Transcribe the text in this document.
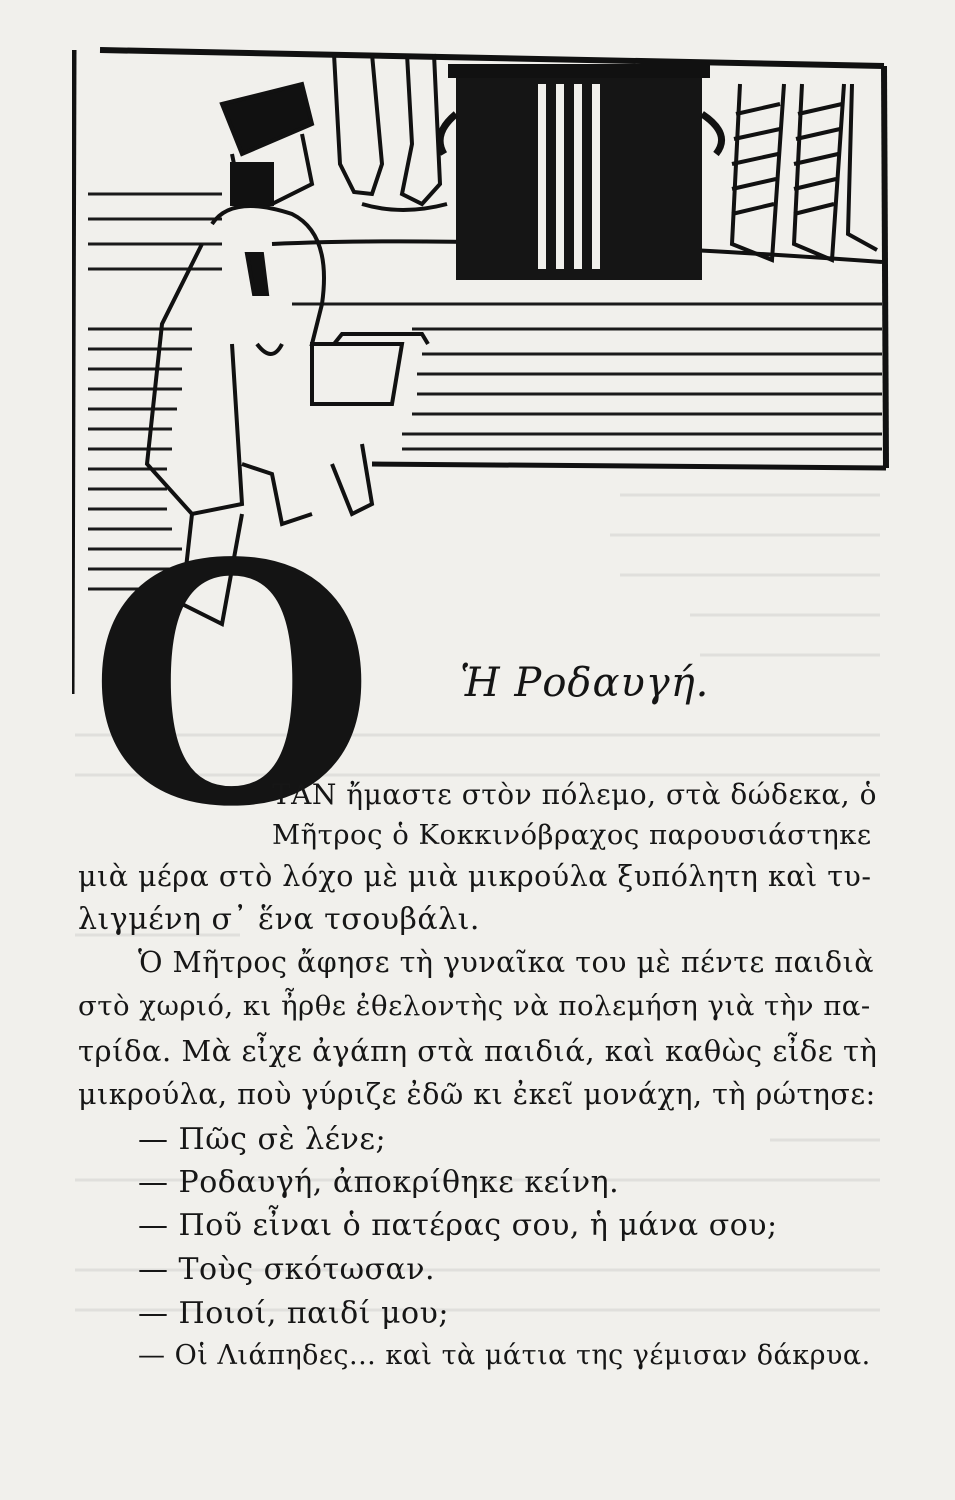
O Ἡ Ροδαυγή.
ΤΑΝ ἤμαστε στὸν πόλεμο, στὰ δώδεκα, ὁ
Μῆτρος ὁ Κοκκινόβραχος παρουσιάστηκε
μιὰ μέρα στὸ λόχο μὲ μιὰ μικρούλα ξυπόλητη καὶ τυ-
λιγμένη σ᾿ ἕνα τσουβάλι.
Ὁ Μῆτρος ἄφησε τὴ γυναῖκα του μὲ πέντε παιδιὰ
στὸ χωριό, κι ἦρθε ἐθελοντὴς νὰ πολεμήση γιὰ τὴν πα-
τρίδα. Μὰ εἶχε ἀγάπη στὰ παιδιά, καὶ καθὼς εἶδε τὴ
μικρούλα, ποὺ γύριζε ἐδῶ κι ἐκεῖ μονάχη, τὴ ρώτησε:
— Πῶς σὲ λένε;
— Ροδαυγή, ἀποκρίθηκε κείνη.
— Ποῦ εἶναι ὁ πατέρας σου, ἡ μάνα σου;
— Τοὺς σκότωσαν.
— Ποιοί, παιδί μου;
— Οἱ Λιάπηδες... καὶ τὰ μάτια της γέμισαν δάκρυα.
